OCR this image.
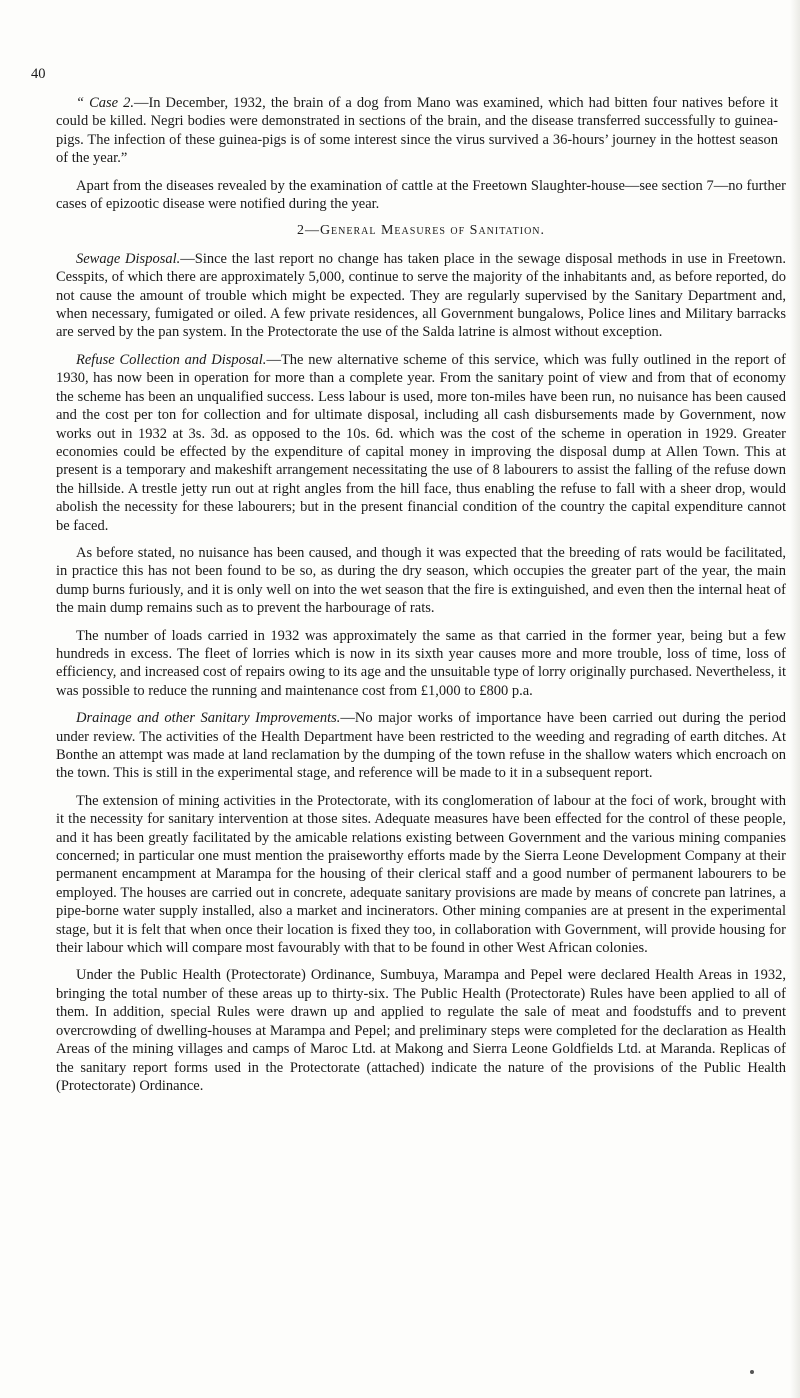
40

“ Case 2.—In December, 1932, the brain of a dog from Mano was examined, which had bitten four natives before it could be killed. Negri bodies were demonstrated in sections of the brain, and the disease transferred successfully to guinea-pigs. The infection of these guinea-pigs is of some interest since the virus survived a 36-hours’ journey in the hottest season of the year.”

Apart from the diseases revealed by the examination of cattle at the Freetown Slaughter-house—see section 7—no further cases of epizootic disease were notified during the year.

2—General Measures of Sanitation.

Sewage Disposal.—Since the last report no change has taken place in the sewage disposal methods in use in Freetown. Cesspits, of which there are approximately 5,000, continue to serve the majority of the inhabitants and, as before reported, do not cause the amount of trouble which might be expected. They are regularly supervised by the Sanitary Department and, when necessary, fumigated or oiled. A few private residences, all Government bungalows, Police lines and Military barracks are served by the pan system. In the Protectorate the use of the Salda latrine is almost without exception.

Refuse Collection and Disposal.—The new alternative scheme of this service, which was fully outlined in the report of 1930, has now been in operation for more than a complete year. From the sanitary point of view and from that of economy the scheme has been an unqualified success. Less labour is used, more ton-miles have been run, no nuisance has been caused and the cost per ton for collection and for ultimate disposal, including all cash disbursements made by Government, now works out in 1932 at 3s. 3d. as opposed to the 10s. 6d. which was the cost of the scheme in operation in 1929. Greater economies could be effected by the expenditure of capital money in improving the disposal dump at Allen Town. This at present is a temporary and makeshift arrangement necessitating the use of 8 labourers to assist the falling of the refuse down the hillside. A trestle jetty run out at right angles from the hill face, thus enabling the refuse to fall with a sheer drop, would abolish the necessity for these labourers; but in the present financial condition of the country the capital expenditure cannot be faced.

As before stated, no nuisance has been caused, and though it was expected that the breeding of rats would be facilitated, in practice this has not been found to be so, as during the dry season, which occupies the greater part of the year, the main dump burns furiously, and it is only well on into the wet season that the fire is extinguished, and even then the internal heat of the main dump remains such as to prevent the harbourage of rats.

The number of loads carried in 1932 was approximately the same as that carried in the former year, being but a few hundreds in excess. The fleet of lorries which is now in its sixth year causes more and more trouble, loss of time, loss of efficiency, and increased cost of repairs owing to its age and the unsuitable type of lorry originally purchased. Nevertheless, it was possible to reduce the running and maintenance cost from £1,000 to £800 p.a.

Drainage and other Sanitary Improvements.—No major works of importance have been carried out during the period under review. The activities of the Health Department have been restricted to the weeding and regrading of earth ditches. At Bonthe an attempt was made at land reclamation by the dumping of the town refuse in the shallow waters which encroach on the town. This is still in the experimental stage, and reference will be made to it in a subsequent report.

The extension of mining activities in the Protectorate, with its conglomeration of labour at the foci of work, brought with it the necessity for sanitary intervention at those sites. Adequate measures have been effected for the control of these people, and it has been greatly facilitated by the amicable relations existing between Government and the various mining companies concerned; in particular one must mention the praiseworthy efforts made by the Sierra Leone Development Company at their permanent encampment at Marampa for the housing of their clerical staff and a good number of permanent labourers to be employed. The houses are carried out in concrete, adequate sanitary provisions are made by means of concrete pan latrines, a pipe-borne water supply installed, also a market and incinerators. Other mining companies are at present in the experimental stage, but it is felt that when once their location is fixed they too, in collaboration with Government, will provide housing for their labour which will compare most favourably with that to be found in other West African colonies.

Under the Public Health (Protectorate) Ordinance, Sumbuya, Marampa and Pepel were declared Health Areas in 1932, bringing the total number of these areas up to thirty-six. The Public Health (Protectorate) Rules have been applied to all of them. In addition, special Rules were drawn up and applied to regulate the sale of meat and foodstuffs and to prevent overcrowding of dwelling-houses at Marampa and Pepel; and preliminary steps were completed for the declaration as Health Areas of the mining villages and camps of Maroc Ltd. at Makong and Sierra Leone Goldfields Ltd. at Maranda. Replicas of the sanitary report forms used in the Protectorate (attached) indicate the nature of the provisions of the Public Health (Protectorate) Ordinance.
